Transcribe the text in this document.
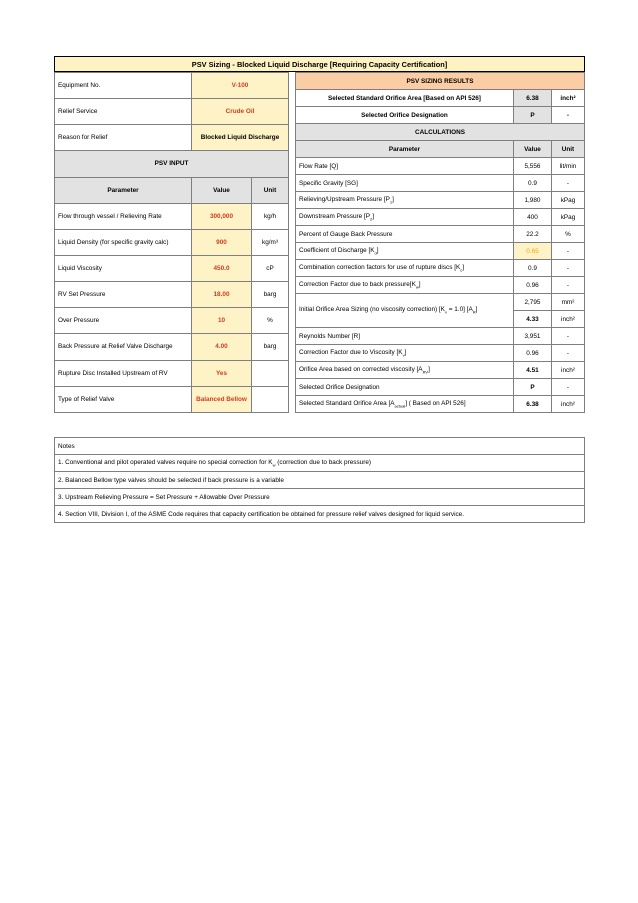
PSV Sizing - Blocked Liquid Discharge [Requiring Capacity Certification]
Equipment No.	V-100	
Relief Service	Crude Oil	
Reason for Relief	Blocked Liquid Discharge	
PSV INPUT		
Parameter	Value	Unit
Flow through vessel / Relieving Rate	300,000	kg/h
Liquid Density (for specific gravity calc)	900	kg/m³
Liquid Viscosity	450.0	cP
RV Set Pressure	18.00	barg
Over Pressure	10	%
Back Pressure at Relief Valve Discharge	4.00	barg
Rupture Disc Installed Upstream of RV	Yes	
Type of Relief Valve	Balanced Bellow	
PSV SIZING RESULTS		
Selected Standard Orifice Area [Based on API 526]	6.38	inch²
Selected Orifice Designation	P	-
CALCULATIONS		
Parameter	Value	Unit
Flow Rate [Q]	5,556	lit/min
Specific Gravity [SG]	0.9	-
Relieving/Upstream Pressure $[P_1]$	1,980	kPag
Downstream Pressure $[P_2]$	400	kPag
Percent of Gauge Back Pressure	22.2	%
Coefficient of Discharge $[K_d]$	0.65	-
Combination correction factors for use of rupture discs $[K_c]$	0.9	-
Correction Factor due to back $pressure[K_w]$	0.96	-
Initial Orifice Area Sizing (no viscosity correction) $[K_v = 1.0]$ $[A_R]$	2,795	mm²
	4.33	inch²
Reynolds Number [R]	3,951	-
Correction Factor due to Viscosity $[K_v]$	0.96	-
Orifice Area based on corrected viscosity $[A_{RV}]$	4.51	inch²
Selected Orifice Designation	P	-
Selected Standard Orifice Area $[A_{actual}]$ ( Based on API 526]	6.38	inch²
Notes
1. Conventional and pilot operated valves require no special correction for $K_w$ (correction due to back pressure)
2. Balanced Bellow type valves should be selected if back pressure is a variable
3. Upstream Relieving Pressure = Set Pressure + Allowable Over Pressure
4. Section VIII, Division I, of the ASME Code requires that capacity certification be obtained for pressure relief valves designed for liquid service.
